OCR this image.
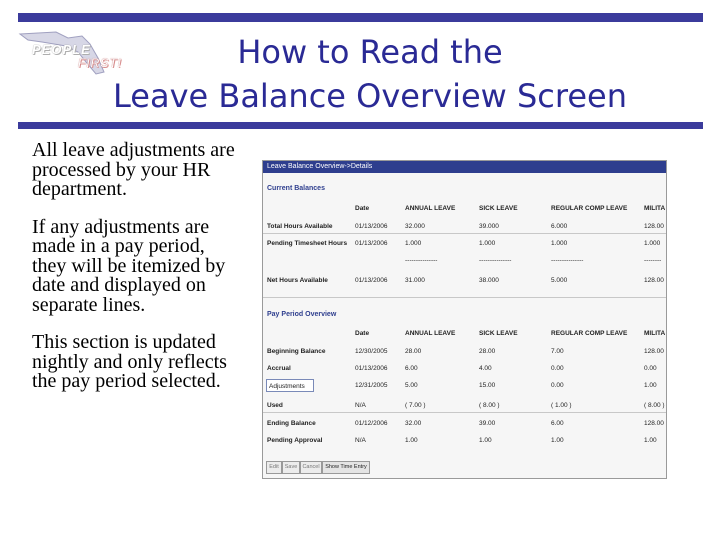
PEOPLE
FIRST!	How to Read the
Leave Balance Overview Screen

All leave adjustments are processed by your HR department.

If any adjustments are made in a pay period, they will be itemized by date and displayed on separate lines.

This section is updated nightly and only reflects the pay period selected.

Leave Balance Overview->Details
Current Balances
Date	ANNUAL LEAVE	SICK LEAVE	REGULAR COMP LEAVE	MILITA
Total Hours Available	01/13/2006	32.000	39.000	6.000	128.00
Pending Timesheet Hours 01/13/2006	1.000	1.000	1.000	1.000
---------------	---------------	---------------	--------
Net Hours Available	01/13/2006	31.000	38.000	5.000	128.00
Pay Period Overview
Date	ANNUAL LEAVE	SICK LEAVE	REGULAR COMP LEAVE	MILITA
Beginning Balance	12/30/2005	28.00	28.00	7.00	128.00
Accrual	01/13/2006	6.00	4.00	0.00	0.00
Adjustments	12/31/2005	5.00	15.00	0.00	1.00
Used	N/A	( 7.00 )	( 8.00 )	( 1.00 )	( 8.00 )
Ending Balance	01/12/2006	32.00	39.00	6.00	128.00
Pending Approval	N/A	1.00	1.00	1.00	1.00
Edit	Save Cancel	Show Time Entry
